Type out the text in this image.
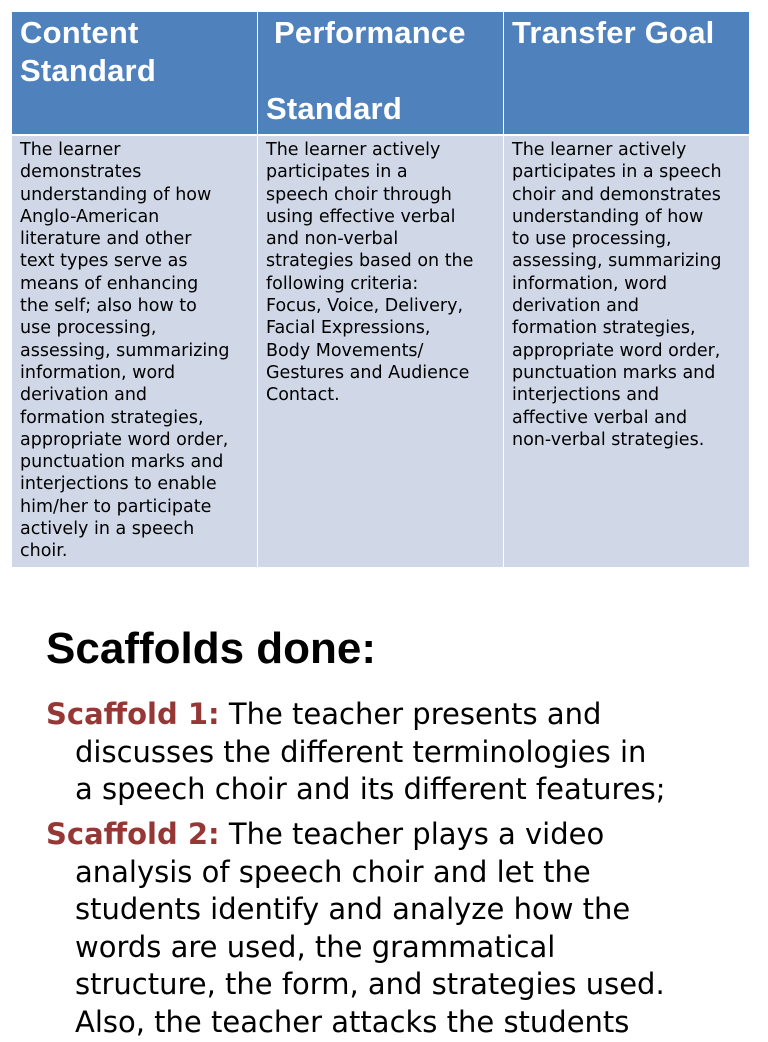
Content
Standard
Performance
Standard
Transfer Goal
The learner
demonstrates
understanding of how
Anglo-American
literature and other
text types serve as
means of enhancing
the self; also how to
use processing,
assessing, summarizing
information, word
derivation and
formation strategies,
appropriate word order,
punctuation marks and
interjections to enable
him/her to participate
actively in a speech
choir.
The learner actively
participates in a
speech choir through
using effective verbal
and non-verbal
strategies based on the
following criteria:
Focus, Voice, Delivery,
Facial Expressions,
Body Movements/
Gestures and Audience
Contact.
The learner actively
participates in a speech
choir and demonstrates
understanding of how
to use processing,
assessing, summarizing
information, word
derivation and
formation strategies,
appropriate word order,
punctuation marks and
interjections and
affective verbal and
non-verbal strategies.
Scaffolds done:
Scaffold 1: The teacher presents and
discusses the different terminologies in
a speech choir and its different features;
Scaffold 2: The teacher plays a video
analysis of speech choir and let the
students identify and analyze how the
words are used, the grammatical
structure, the form, and strategies used.
Also, the teacher attacks the students
